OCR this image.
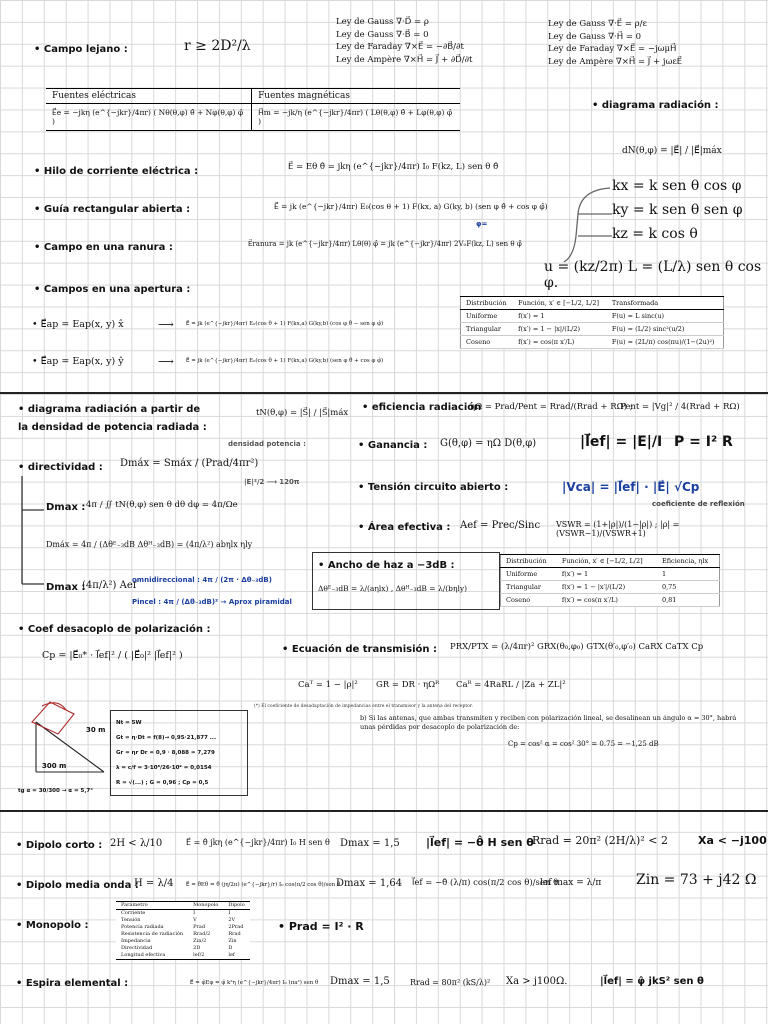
• Campo lejano :	r ≥ 2D²/λ
Ley de Gauss ∇·D⃗ = ρ
Ley de Gauss ∇·B⃗ = 0
Ley de Faraday ∇×E⃗ = −∂B⃗/∂t
Ley de Ampère ∇×H⃗ = J⃗ + ∂D⃗/∂t
Ley de Gauss ∇·E⃗ = ρ/ε
Ley de Gauss ∇·H⃗ = 0
Ley de Faraday ∇×E⃗ = −jωμH⃗
Ley de Ampère ∇×H⃗ = J⃗ + jωεE⃗
Fuentes eléctricas	Fuentes magnéticas
E⃗e = −jkη (e^{−jkr}/4πr) ( Nθ(θ,φ) θ̂ + Nφ(θ,φ) φ̂ )	H⃗m = −jk/η (e^{−jkr}/4πr) ( Lθ(θ,φ) θ̂ + Lφ(θ,φ) φ̂ )
• diagrama radiación :
dN(θ,φ) = |E⃗| / |E⃗|máx
• Hilo de corriente eléctrica :	E⃗ = Eθ θ̂ = jkη (e^{−jkr}/4πr) I₀ F(kz, L) sen θ θ̂
• Guía rectangular abierta :	E⃗ = jk (e^{−jkr}/4πr) E₀(cos θ + 1) F(kx, a) G(ky, b) (sen φ θ̂ + cos φ φ̂)
φ=
• Campo en una ranura :	E⃗ranura = jk (e^{−jkr}/4πr) Lθ(θ) φ̂ = jk (e^{−jkr}/4πr) 2V₀F(kz, L) sen θ φ̂
kx = k sen θ cos φ
ky = k sen θ sen φ
kz = k cos θ
u = (kz/2π) L = (L/λ) sen θ cos φ.
• Campos en una apertura :
• E⃗ap = Eap(x, y) x̂	⟶ E⃗ = jk (e^{−jkr}/4πr) E₀(cos θ + 1) F(kx,a) G(ky,b) (cos φ θ̂ − sen φ φ̂)
• E⃗ap = Eap(x, y) ŷ	⟶ E⃗ = jk (e^{−jkr}/4πr) E₀(cos θ + 1) F(kx,a) G(ky,b) (sen φ θ̂ + cos φ φ̂)
Distribución	Función, x′ ∈ [−L/2, L/2]	Transformada
Uniforme	f(x′) = 1	F(u) = L sinc(u)
Triangular	f(x′) = 1 − |x|/(L/2)	F(u) = (L/2) sinc²(u/2)
Coseno	f(x′) = cos(π x′/L)	F(u) = (2L/π) cos(πu)/(1−(2u)²)
• diagrama radiación a partir de
la densidad de potencia radiada :
tN(θ,φ) = |S⃗| / |S⃗|máx • eficiencia radiación
ηΩ = Prad/Pent = Rrad/(Rrad + RΩ) ;
Pent = |Vg|² / 4(Rrad + RΩ)
• directividad : Dmáx = Smáx / (Prad/4πr²)
densidad potencia :
|E|²/2 ⟶ 120π
• Ganancia : G(θ,φ) = ηΩ D(θ,φ)	|l⃗ef| = |E|/I P = I² R
• Tensión circuito abierto :	|Vca| = |l⃗ef| · |E⃗| √Cp
Dmax : 4π / ∬ tN(θ,φ) sen θ dθ dφ = 4π/Ωe
• Área efectiva : Aef = Prec/Sinc VSWR = (1+|ρ|)/(1−|ρ|) ; |ρ| = (VSWR−1)/(VSWR+1)
coeficiente de reflexión
Dmáx = 4π / (Δθᴱ₋₃dB Δθᴴ₋₃dB) = (4π/λ²) abηlx ηly
• Ancho de haz a −3dB :
Δθᴱ₋₃dB = λ/(aηlx) , Δθᴴ₋₃dB = λ/(bηly)
Dmax :
(4π/λ²) Aef
omnidireccional : 4π / (2π · Δθ₋₃dB)
Pincel : 4π / (Δθ₋₃dB)² → Aprox piramidal
Distribución	Función, x′ ∈ [−L/2, L/2]	Eficiencia, ηlx
Uniforme	f(x′) = 1	1
Triangular	f(x′) = 1 − |x′|/(L/2)	0,75
Coseno	f(x′) = cos(π x′/L)	0,81
• Coef desacoplo de polarización :
Cp = |E⃗₀* · l⃗ef|² / ( |E⃗₀|² |l⃗ef|² )
• Ecuación de transmisión : PRX/PTX = (λ/4πr)² GRX(θ₀,φ₀) GTX(θ′₀,φ′₀) CaRX CaTX Cp
Caᵀ = 1 − |ρ|² GR = DR · ηΩᴿ Caᴿ = 4RaRL / |Za + ZL|²
(*) El coeficiente de desadaptación de impedancias entre el transmisor y la antena del receptor.
b) Si las antenas, que ambas transmiten y reciben con polarización lineal, se desalinean un ángulo α = 30°, habrá unas pérdidas por desacoplo de polarización de:
Cp = cos² α = cos² 30° = 0.75 = −1,25 dB
30 m
300 m
tg α = 30/300 → α = 5,7°
Nt = 5W
Gt = η·Dt = f(8)→ 0,95·21,877 ...
Gr = ηr Dr = 0,9 · 8,088 = 7,279
λ = c/f = 3·10⁸/26·10⁹ = 0,0154
R = √(...) ; G = 0,96 ; Cp = 0,5
• Dipolo corto : 2H < λ/10	E⃗ = θ̂ jkη (e^{−jkr}/4πr) I₀ H sen θ Dmax = 1,5 |l⃗ef| = −θ̂ H sen θ
Rrad = 20π² (2H/λ)² < 2	Xa < −j100
• Dipolo media onda :
H = λ/4 E⃗ = θ̂Eθ = θ̂ (jη/2π) (e^{−jkr}/r) I₀ cos(π/2 cos θ)/sen θ
Dmax = 1,64 l⃗ef = −θ̂ (λ/π) cos(π/2 cos θ)/sen θ
lef max = λ/π Zin = 73 + j42 Ω
• Monopolo :
Parámetro	Monopolo	Dipolo
Corriente	I	I
Tensión	V	2V
Potencia radiada	Prad	2Prad
Resistencia de radiación	Rrad/2	Rrad
Impedancia	Zin/2	Zin
Directividad	2D	D
Longitud efectiva	lef/2	lef
• Prad = I² · R
• Espira elemental :	E⃗ = φ̂Eφ = φ̂ k²η (e^{−jkr}/4πr) I₀ (πa²) sen θ Dmax = 1,5	Rrad = 80π² (kS/λ)² Xa > j100Ω.	|l⃗ef| = φ̂ jkS² sen θ
